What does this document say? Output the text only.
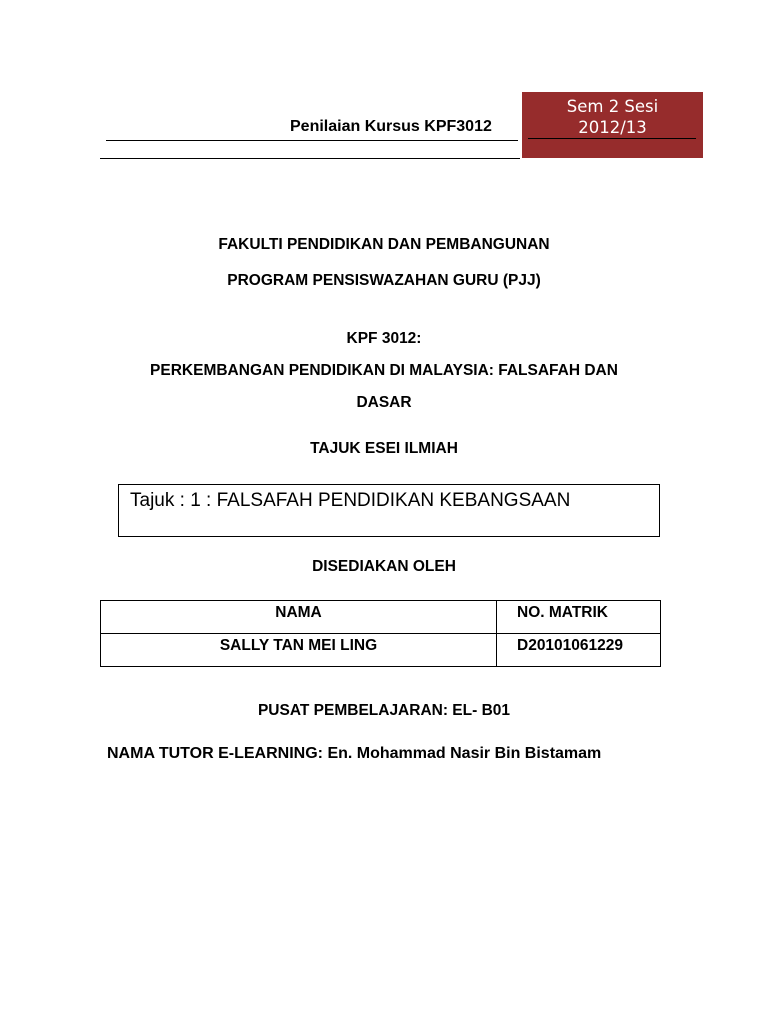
Penilaian Kursus KPF3012
Sem 2 Sesi
2012/13
FAKULTI PENDIDIKAN DAN PEMBANGUNAN
PROGRAM PENSISWAZAHAN GURU (PJJ)
KPF 3012:
PERKEMBANGAN PENDIDIKAN DI MALAYSIA: FALSAFAH DAN
DASAR
TAJUK ESEI ILMIAH
Tajuk : 1 : FALSAFAH PENDIDIKAN KEBANGSAAN
DISEDIAKAN OLEH
NAMA	NO. MATRIK
SALLY TAN MEI LING	D20101061229
PUSAT PEMBELAJARAN: EL- B01
NAMA TUTOR E-LEARNING: En. Mohammad Nasir Bin Bistamam
